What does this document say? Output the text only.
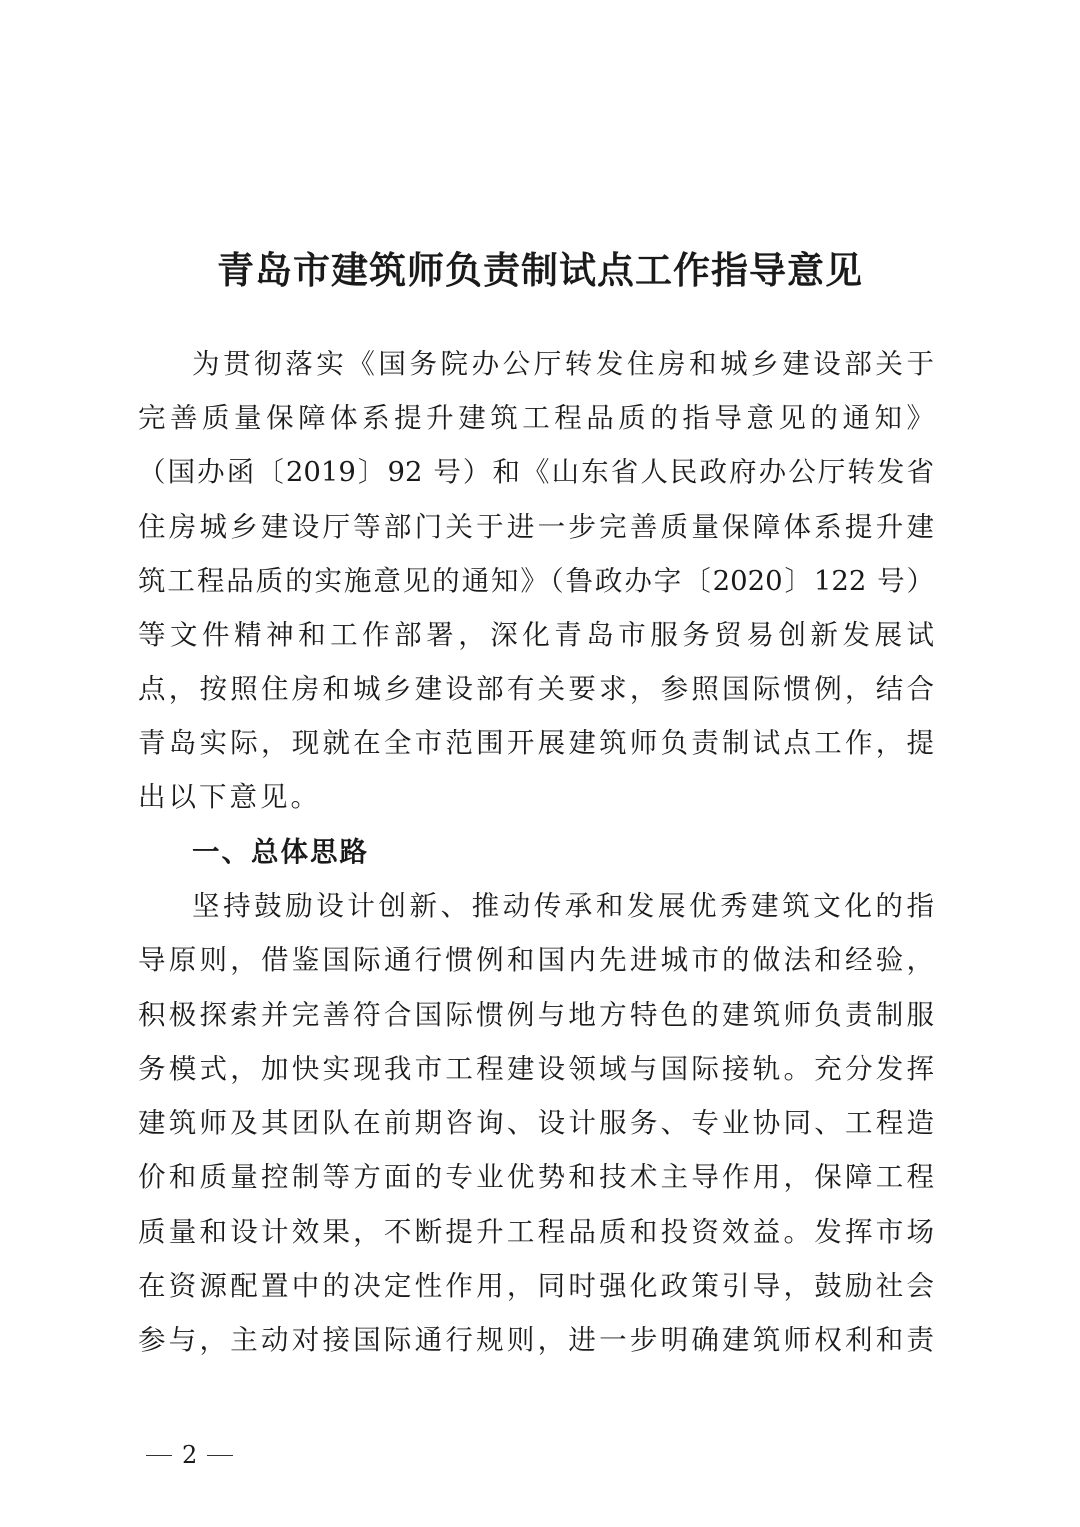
青岛市建筑师负责制试点工作指导意见
为贯彻落实《国务院办公厅转发住房和城乡建设部关于
完善质量保障体系提升建筑工程品质的指导意见的通知》
（国办函〔2019〕92 号）和《山东省人民政府办公厅转发省
住房城乡建设厅等部门关于进一步完善质量保障体系提升建
筑工程品质的实施意见的通知》（鲁政办字〔2020〕122 号）
等文件精神和工作部署，深化青岛市服务贸易创新发展试
点，按照住房和城乡建设部有关要求，参照国际惯例，结合
青岛实际，现就在全市范围开展建筑师负责制试点工作，提
出以下意见。
一、总体思路
坚持鼓励设计创新、推动传承和发展优秀建筑文化的指
导原则，借鉴国际通行惯例和国内先进城市的做法和经验，
积极探索并完善符合国际惯例与地方特色的建筑师负责制服
务模式，加快实现我市工程建设领域与国际接轨。充分发挥
建筑师及其团队在前期咨询、设计服务、专业协同、工程造
价和质量控制等方面的专业优势和技术主导作用，保障工程
质量和设计效果，不断提升工程品质和投资效益。发挥市场
在资源配置中的决定性作用，同时强化政策引导，鼓励社会
参与，主动对接国际通行规则，进一步明确建筑师权利和责
2
